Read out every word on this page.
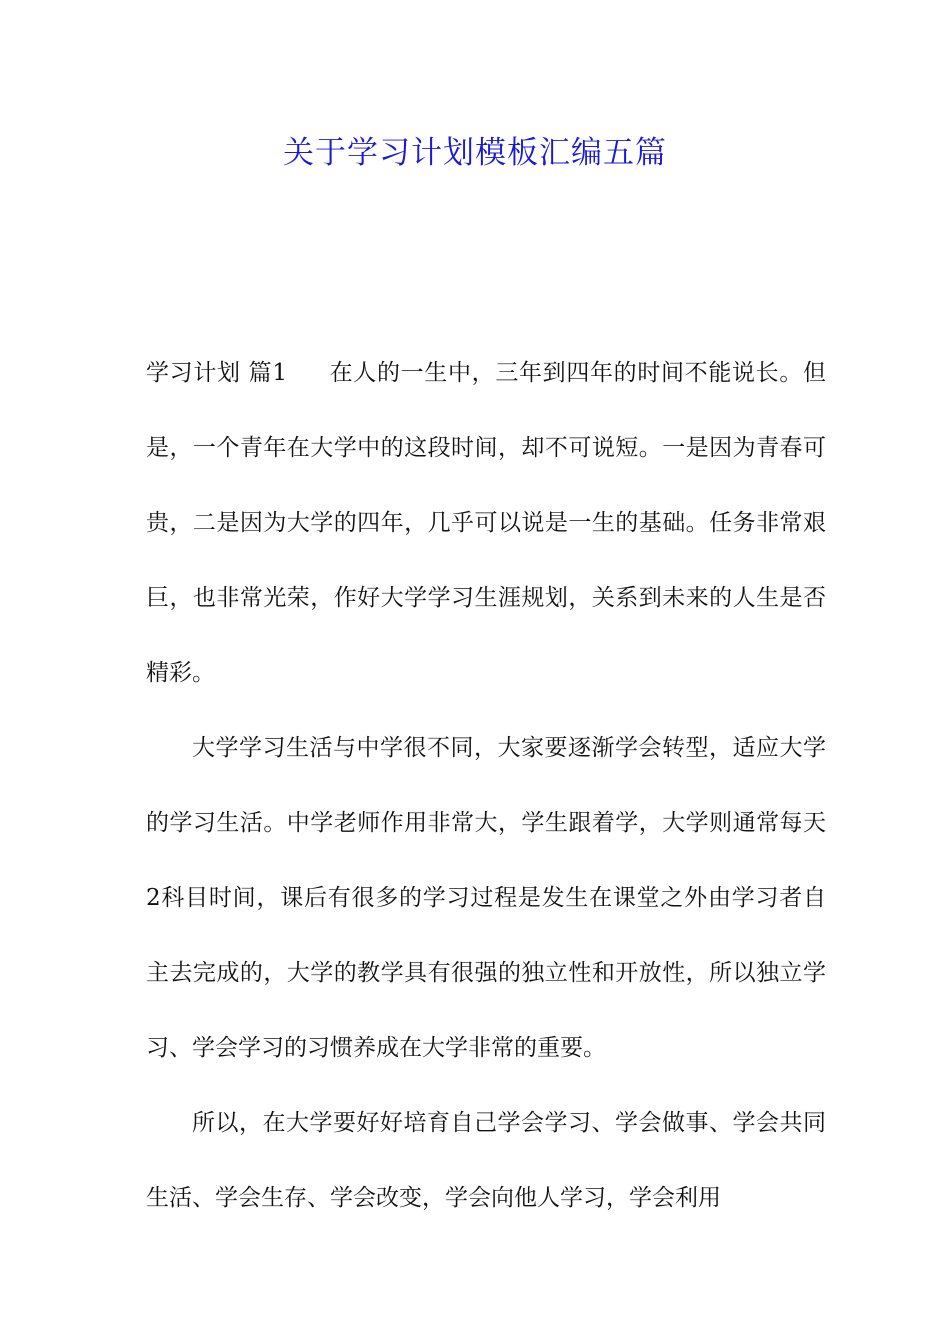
关于学习计划模板汇编五篇

学习计划 篇1 在人的一生中，三年到四年的时间不能说长。但是，一个青年在大学中的这段时间，却不可说短。一是因为青春可贵，二是因为大学的四年，几乎可以说是一生的基础。任务非常艰巨，也非常光荣，作好大学学习生涯规划，关系到未来的人生是否精彩。

大学学习生活与中学很不同，大家要逐渐学会转型，适应大学的学习生活。中学老师作用非常大，学生跟着学，大学则通常每天 2科目时间，课后有很多的学习过程是发生在课堂之外由学习者自主去完成的，大学的教学具有很强的独立性和开放性，所以独立学习、学会学习的习惯养成在大学非常的重要。

所以，在大学要好好培育自己学会学习、学会做事、学会共同生活、学会生存、学会改变，学会向他人学习，学会利用
